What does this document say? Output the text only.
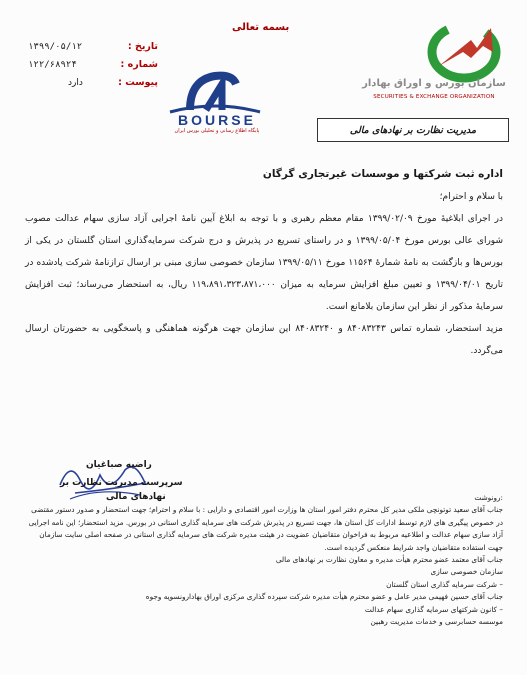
بسمه تعالی
۱۳۹۹/۰۵/۱۲	: تاریخ
۱۲۲/۶۸۹۲۴	: شماره
دارد	: پیوست	سازمان بورس و اوراق بهادار
SECURITIES & EXCHANGE ORGANIZATION
BOURSE
پایگاه اطلاع رسانی و تحلیلی بورس ایران	مدیریت نظارت بر نهادهای مالی
اداره ثبت شرکتها و موسسات غیرتجاری گرگان
با سلام و احترام؛

در اجرای ابلاغیهٔ مورخ ۱۳۹۹/۰۲/۰۹ مقام معظم رهبری و با توجه به ابلاغ آیین نامهٔ اجرایی آزاد سازی سهام عدالت مصوب شورای عالی بورس مورخ ۱۳۹۹/۰۵/۰۴ و در راستای تسریع در پذیرش و درج شرکت سرمایه‌گذاری استان گلستان در یکی از بورس‌ها و بازگشت به نامهٔ شمارهٔ ۱۱۵۶۴ مورخ ۱۳۹۹/۰۵/۱۱ سازمان خصوصی سازی مبنی بر ارسال ترازنامهٔ شرکت یادشده در تاریخ ۱۳۹۹/۰۴/۰۱ و تعیین مبلغ افزایش سرمایه به میزان ۱۱۹،۸۹۱،۳۲۳،۸۷۱،۰۰۰ ریال، به استحضار می‌رساند؛ ثبت افزایش سرمایهٔ مذکور از نظر این سازمان بلامانع است.

مزید استحضار، شماره تماس ۸۴۰۸۳۲۴۳ و ۸۴۰۸۳۲۴۰ این سازمان جهت هرگونه هماهنگی و پاسخگویی به حضورتان ارسال می‌گردد.

راضیه صباغیان
سرپرست مدیریت نظارت بر
نهادهای مالی	:رونوشت

جناب آقای سعید توتونچی ملکی مدیر کل محترم دفتر امور استان ها وزارت امور اقتصادی و دارایی : با سلام و احترام؛ جهت استحضار و صدور دستور مقتضی در خصوص پیگیری های لازم توسط ادارات کل استان ها، جهت تسریع در پذیرش شرکت های سرمایه گذاری استانی در بورس. مزید استحضار؛ این نامه اجرایی آزاد سازی سهام عدالت و اطلاعیه مربوط به فراخوان متقاضیان عضویت در هیئت مدیره شرکت های سرمایه گذاری استانی در صفحه اصلی سایت سازمان جهت استفاده متقاضیان واجد شرایط منعکس گردیده است.

جناب آقای معتمد عضو محترم هیأت مدیره و معاون نظارت بر نهادهای مالی

سازمان خصوصی سازی

– شرکت سرمایه گذاری استان گلستان

جناب آقای حسین فهیمی مدیر عامل و عضو محترم هیأت مدیره شرکت سپرده گذاری مرکزی اوراق بهادارونسویه وجوه

– کانون شرکتهای سرمایه گذاری سهام عدالت

موسسه حسابرسی و خدمات مدیریت رهبین
